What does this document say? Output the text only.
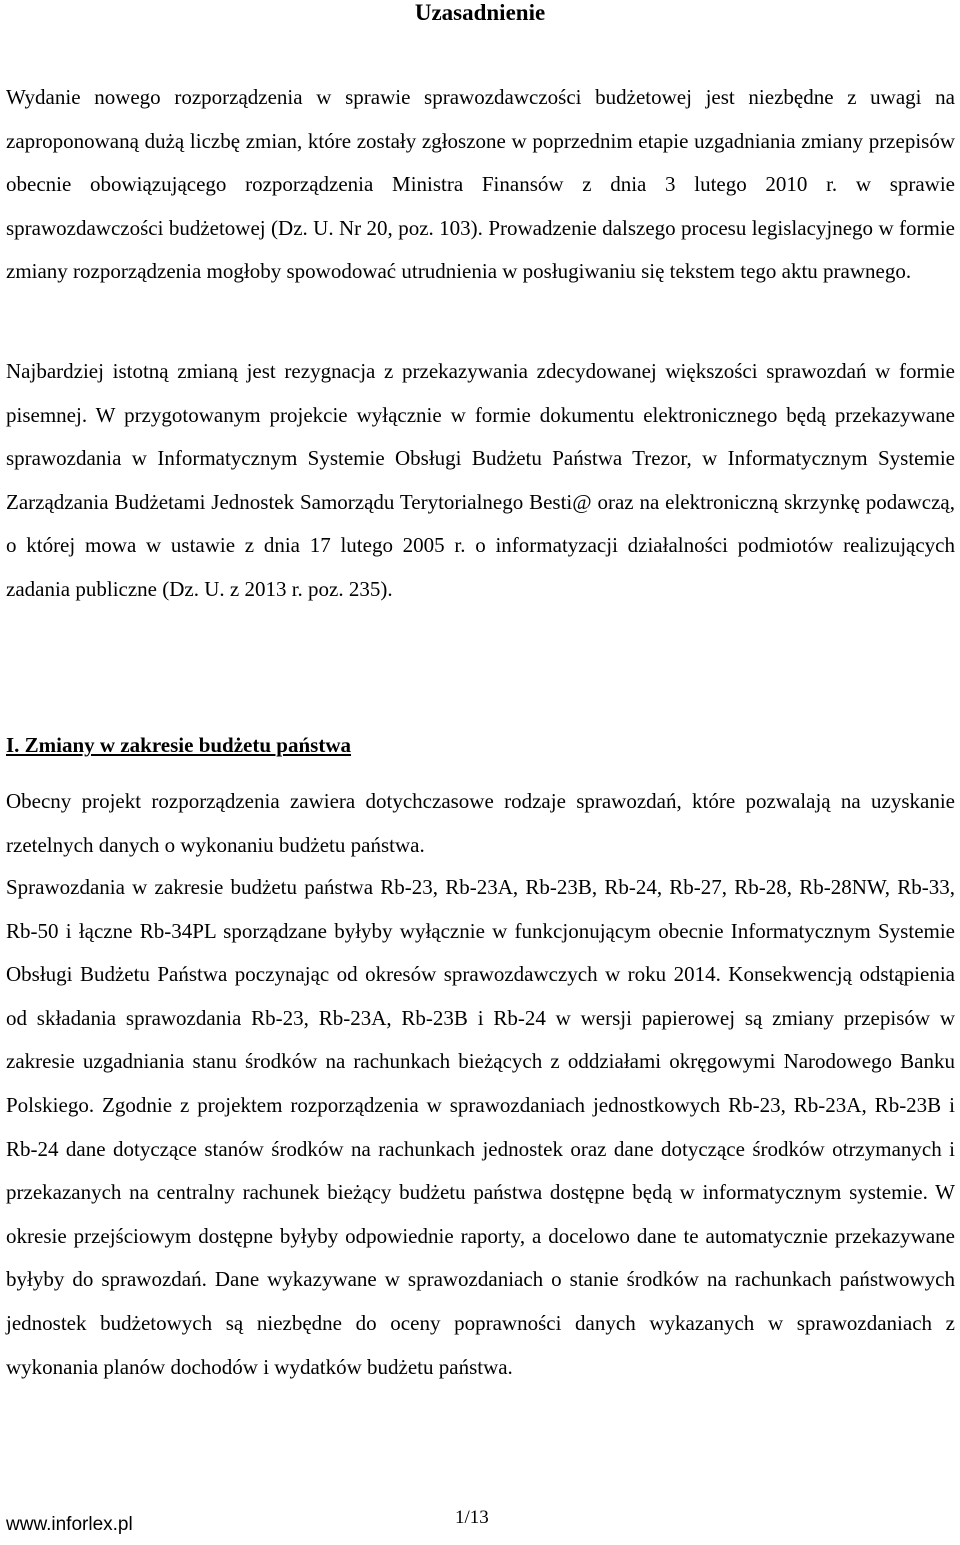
Uzasadnienie

Wydanie nowego rozporządzenia w sprawie sprawozdawczości budżetowej jest niezbędne z uwagi na zaproponowaną dużą liczbę zmian, które zostały zgłoszone w poprzednim etapie uzgadniania zmiany przepisów obecnie obowiązującego rozporządzenia Ministra Finansów z dnia 3 lutego 2010 r. w sprawie sprawozdawczości budżetowej (Dz. U. Nr 20, poz. 103). Prowadzenie dalszego procesu legislacyjnego w formie zmiany rozporządzenia mogłoby spowodować utrudnienia w posługiwaniu się tekstem tego aktu prawnego.

Najbardziej istotną zmianą jest rezygnacja z przekazywania zdecydowanej większości sprawozdań w formie pisemnej. W przygotowanym projekcie wyłącznie w formie dokumentu elektronicznego będą przekazywane sprawozdania w Informatycznym Systemie Obsługi Budżetu Państwa Trezor, w Informatycznym Systemie Zarządzania Budżetami Jednostek Samorządu Terytorialnego Besti@ oraz na elektroniczną skrzynkę podawczą, o której mowa w ustawie z dnia 17 lutego 2005 r. o informatyzacji działalności podmiotów realizujących zadania publiczne (Dz. U. z 2013 r. poz. 235).

I. Zmiany w zakresie budżetu państwa

Obecny projekt rozporządzenia zawiera dotychczasowe rodzaje sprawozdań, które pozwalają na uzyskanie rzetelnych danych o wykonaniu budżetu państwa.

Sprawozdania w zakresie budżetu państwa Rb-23, Rb-23A, Rb-23B, Rb-24, Rb-27, Rb-28, Rb-28NW, Rb-33, Rb-50 i łączne Rb-34PL sporządzane byłyby wyłącznie w funkcjonującym obecnie Informatycznym Systemie Obsługi Budżetu Państwa poczynając od okresów sprawozdawczych w roku 2014. Konsekwencją odstąpienia od składania sprawozdania Rb-23, Rb-23A, Rb-23B i Rb-24 w wersji papierowej są zmiany przepisów w zakresie uzgadniania stanu środków na rachunkach bieżących z oddziałami okręgowymi Narodowego Banku Polskiego. Zgodnie z projektem rozporządzenia w sprawozdaniach jednostkowych Rb-23, Rb-23A, Rb-23B i Rb-24 dane dotyczące stanów środków na rachunkach jednostek oraz dane dotyczące środków otrzymanych i przekazanych na centralny rachunek bieżący budżetu państwa dostępne będą w informatycznym systemie. W okresie przejściowym dostępne byłyby odpowiednie raporty, a docelowo dane te automatycznie przekazywane byłyby do sprawozdań. Dane wykazywane w sprawozdaniach o stanie środków na rachunkach państwowych jednostek budżetowych są niezbędne do oceny poprawności danych wykazanych w sprawozdaniach z wykonania planów dochodów i wydatków budżetu państwa.

www.inforlex.pl	1/13
